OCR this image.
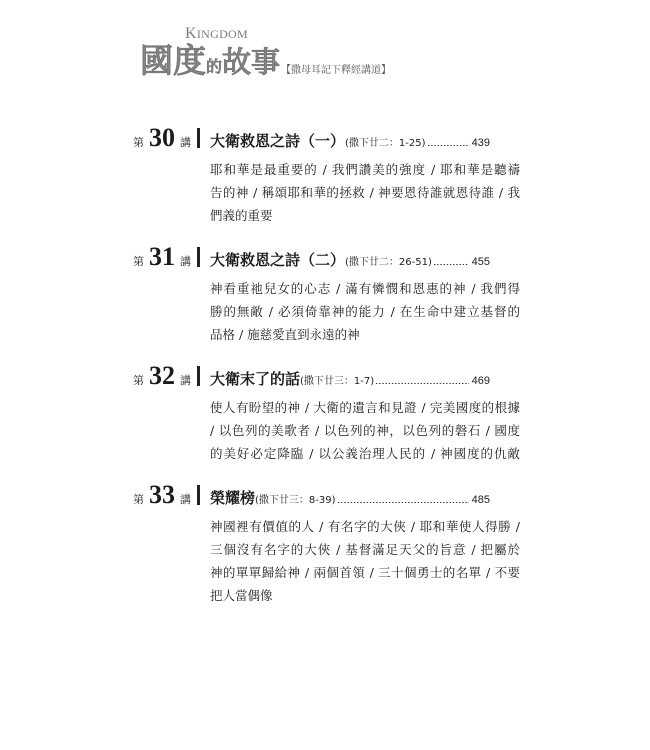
KINGDOM
國度的故事 【撒母耳記下釋經講道】
第 30 講 大衛救恩之詩（一） (撒下廿二：1-25)	439
耶和華是最重要的 / 我們讚美的強度 / 耶和華是聽禱
告的神 / 稱頌耶和華的拯救 / 神要恩待誰就恩待誰 / 我
們義的重要
第 31 講 大衛救恩之詩（二） (撒下廿二：26-51)	455
神看重祂兒女的心志 / 滿有憐憫和恩惠的神 / 我們得
勝的無敵 / 必須倚靠神的能力 / 在生命中建立基督的
品格 / 施慈愛直到永遠的神
第 32 講 大衛末了的話 (撒下廿三：1-7)	469
使人有盼望的神 / 大衛的遺言和見證 / 完美國度的根據
/ 以色列的美歌者 / 以色列的神，以色列的磐石 / 國度
的美好必定降臨 / 以公義治理人民的 / 神國度的仇敵
第 33 講 榮耀榜 (撒下廿三：8-39)	485
神國裡有價值的人 / 有名字的大俠 / 耶和華使人得勝 /
三個沒有名字的大俠 / 基督滿足天父的旨意 / 把屬於
神的單單歸給神 / 兩個首領 / 三十個勇士的名單 / 不要
把人當偶像
